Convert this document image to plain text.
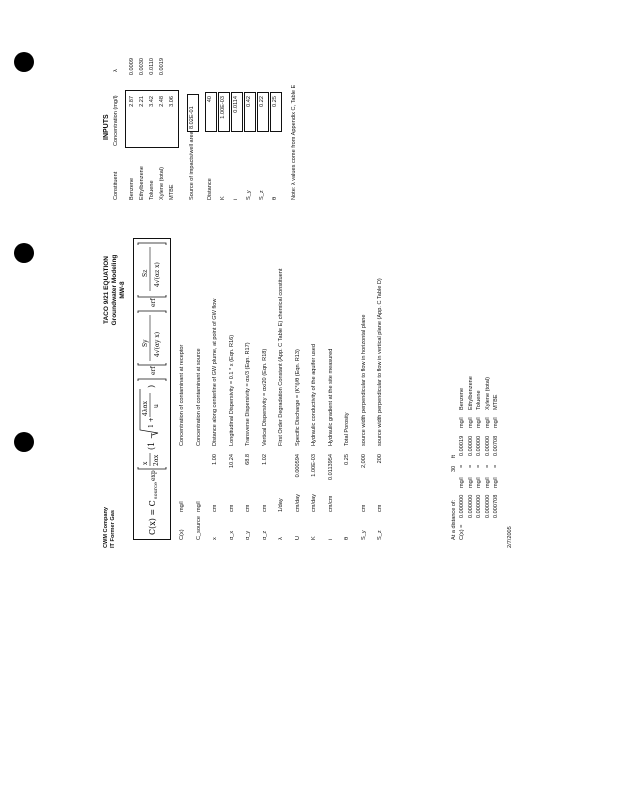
CWM Company IT Former Gas
TACO 9/21 EQUATION Groundwater Modeling MW-8
C(x) = C
source
exp
x 2αx
(1 −
1 +
4λαx u
)
erf
Sy 4√(αy x)
erf
Sz 4√(αz x)
C(x)
mg/l
Concentration of contaminant at receptor
C_source
mg/l
Concentration of contaminant at source
x
cm
1.00
Distance along centerline of GW plume, at point of GW flow
α_x
cm
10.24
Longitudinal Dispersivity = 0.1 * x (Eqn. R16)
α_y
cm
68.8
Transverse Dispersivity = αx/3 (Eqn. R17)
α_z
cm
1.02
Vertical Dispersivity = αx/20 (Eqn. R18)
λ
1/day
First Order Degradation Constant (App. C Table E) chemical constituent
U
cm/day
0.000594
Specific Discharge = (K*i)/θ (Eqn. R13)
K
cm/day
1.00E-03
Hydraulic conductivity of the aquifer used
i
cm/cm
0.0113954
Hydraulic gradient at the site measured
θ
0.25
Total Porosity
S_y
cm
2,000
source width perpendicular to flow in horizontal plane
S_z
cm
200
source width perpendicular to flow in vertical plane (App. C Table D)
INPUTS
Constituent
Concentration (mg/l)
λ
Benzene
2.87
0.0009
Ethylbenzene
2.21
0.0030
Toluene
3.42
0.0110
Xylene (total)
2.48
0.0019
MTBE
3.06
Source of impacts/well area
8.02E-01
Distance
40
K
1.00E-03
i
0.0114
S_y
0.42
S_z
0.22
θ
0.25 Note: λ values come from Appendix C, Table E
At a distance of:
30
ft
C(x) =
0.000000
mg/l
=
0.00019
mg/l
Benzene
0.000000
mg/l
=
0.00000
mg/l
Ethylbenzene
0.000000
mg/l
=
0.00000
mg/l
Toluene
0.000000
mg/l
=
0.00000
mg/l
Xylene (total)
0.000708
mg/l
=
0.00708
mg/l
MTBE
2/7/2005
